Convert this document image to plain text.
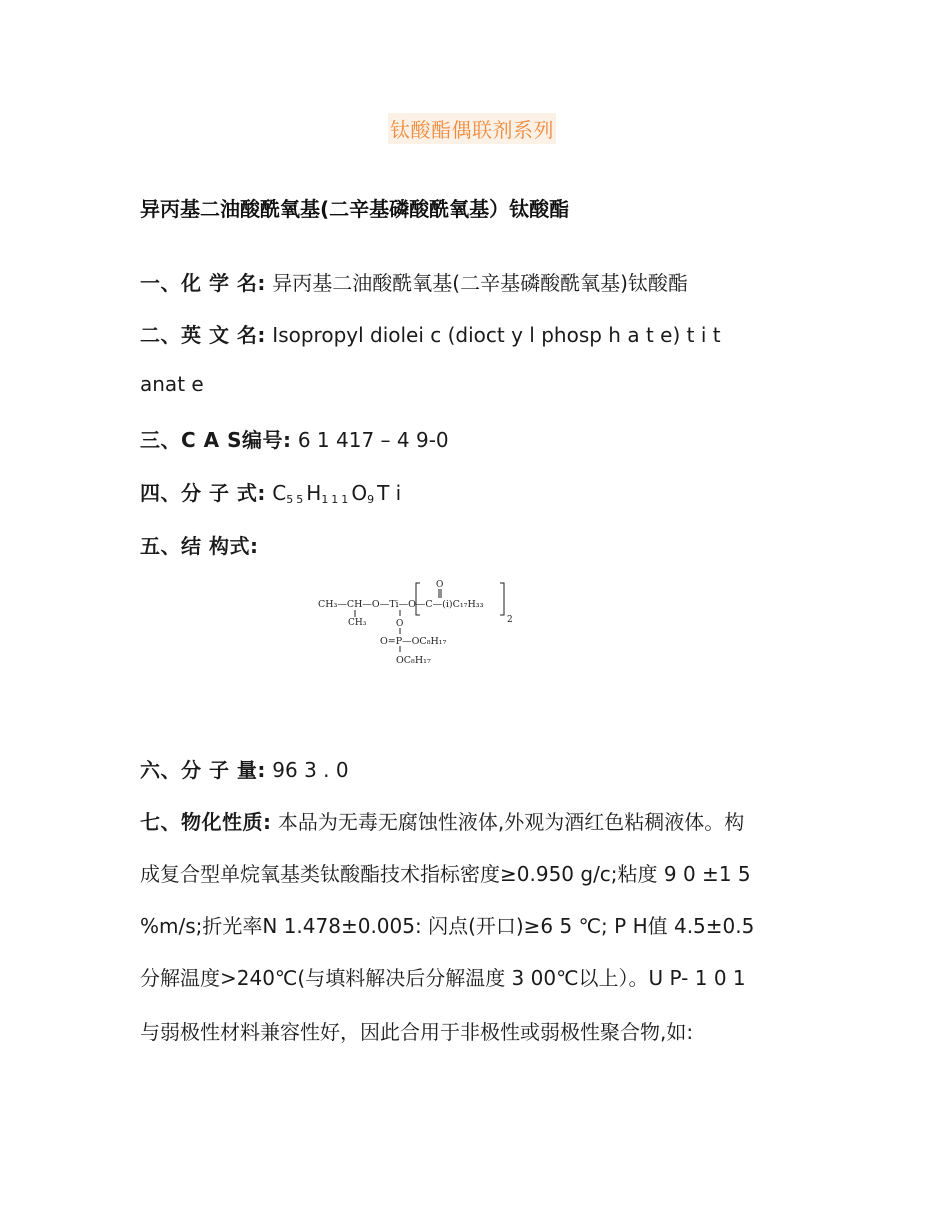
钛酸酯偶联剂系列
异丙基二油酸酰氧基(二辛基磷酸酰氧基）钛酸酯
一、化 学 名: 异丙基二油酸酰氧基(二辛基磷酸酰氧基)钛酸酯
二、英 文 名: Isopropyl diolei c (dioct y l phosp h a t e) t i t
anat e
三、C A S编号: 6 1 417 – 4 9-0
四、分 子 式: $C_{55}H_{111}O_9T$ i
五、结 构式:
CH₃—CH—O—Ti—O—C—(i)C₁₇H₃₃
O
2
CH₃	O
O=P—OC₈H₁₇
OC₈H₁₇
六、分 子 量: 96 3 . 0
七、物化性质: 本品为无毒无腐蚀性液体,外观为酒红色粘稠液体。构
成复合型单烷氧基类钛酸酯技术指标密度≥0.950 g/c;粘度 9 0 ±1 5
%m/s;折光率N 1.478±0.005: 闪点(开口)≥6 5 ℃; P H值 4.5±0.5
分解温度>240℃(与填料解决后分解温度 3 00℃以上）。U P- 1 0 1
与弱极性材料兼容性好，因此合用于非极性或弱极性聚合物,如:
